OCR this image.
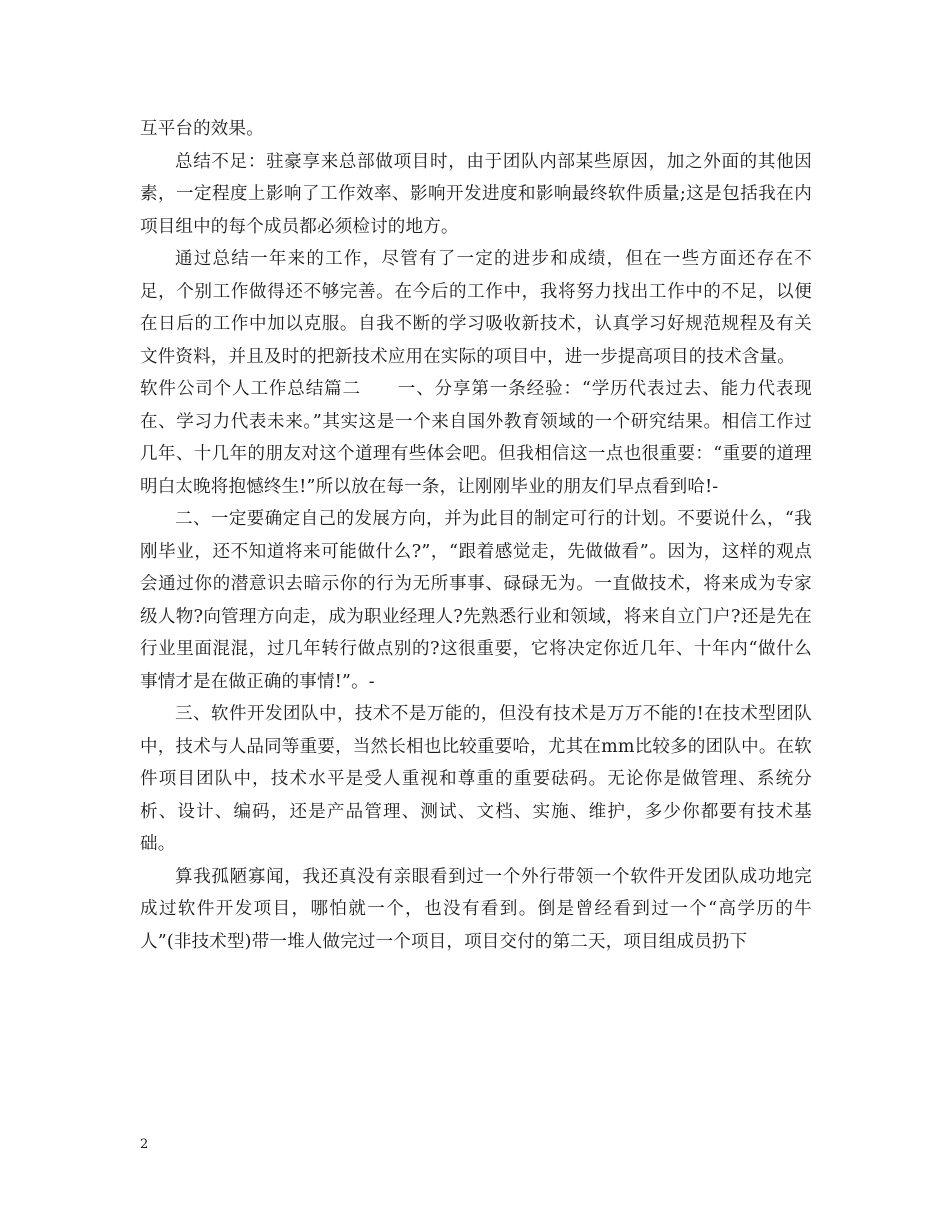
互平台的效果。

总结不足：驻豪享来总部做项目时，由于团队内部某些原因，加之外面的其他因素，一定程度上影响了工作效率、影响开发进度和影响最终软件质量;这是包括我在内项目组中的每个成员都必须检讨的地方。

通过总结一年来的工作，尽管有了一定的进步和成绩，但在一些方面还存在不足，个别工作做得还不够完善。在今后的工作中，我将努力找出工作中的不足，以便在日后的工作中加以克服。自我不断的学习吸收新技术，认真学习好规范规程及有关文件资料，并且及时的把新技术应用在实际的项目中，进一步提高项目的技术含量。

软件公司个人工作总结篇二　　一、分享第一条经验：“学历代表过去、能力代表现在、学习力代表未来。”其实这是一个来自国外教育领域的一个研究结果。相信工作过几年、十几年的朋友对这个道理有些体会吧。但我相信这一点也很重要：“重要的道理明白太晚将抱憾终生!”所以放在每一条，让刚刚毕业的朋友们早点看到哈!-

二、一定要确定自己的发展方向，并为此目的制定可行的计划。不要说什么，“我刚毕业，还不知道将来可能做什么?”，“跟着感觉走，先做做看”。因为，这样的观点会通过你的潜意识去暗示你的行为无所事事、碌碌无为。一直做技术，将来成为专家级人物?向管理方向走，成为职业经理人?先熟悉行业和领域，将来自立门户?还是先在行业里面混混，过几年转行做点别的?这很重要，它将决定你近几年、十年内“做什么事情才是在做正确的事情!”。-

三、软件开发团队中，技术不是万能的，但没有技术是万万不能的!在技术型团队中，技术与人品同等重要，当然长相也比较重要哈，尤其在mm比较多的团队中。在软件项目团队中，技术水平是受人重视和尊重的重要砝码。无论你是做管理、系统分析、设计、编码，还是产品管理、测试、文档、实施、维护，多少你都要有技术基础。

算我孤陋寡闻，我还真没有亲眼看到过一个外行带领一个软件开发团队成功地完成过软件开发项目，哪怕就一个，也没有看到。倒是曾经看到过一个“高学历的牛人”(非技术型)带一堆人做完过一个项目，项目交付的第二天，项目组成员扔下

2
